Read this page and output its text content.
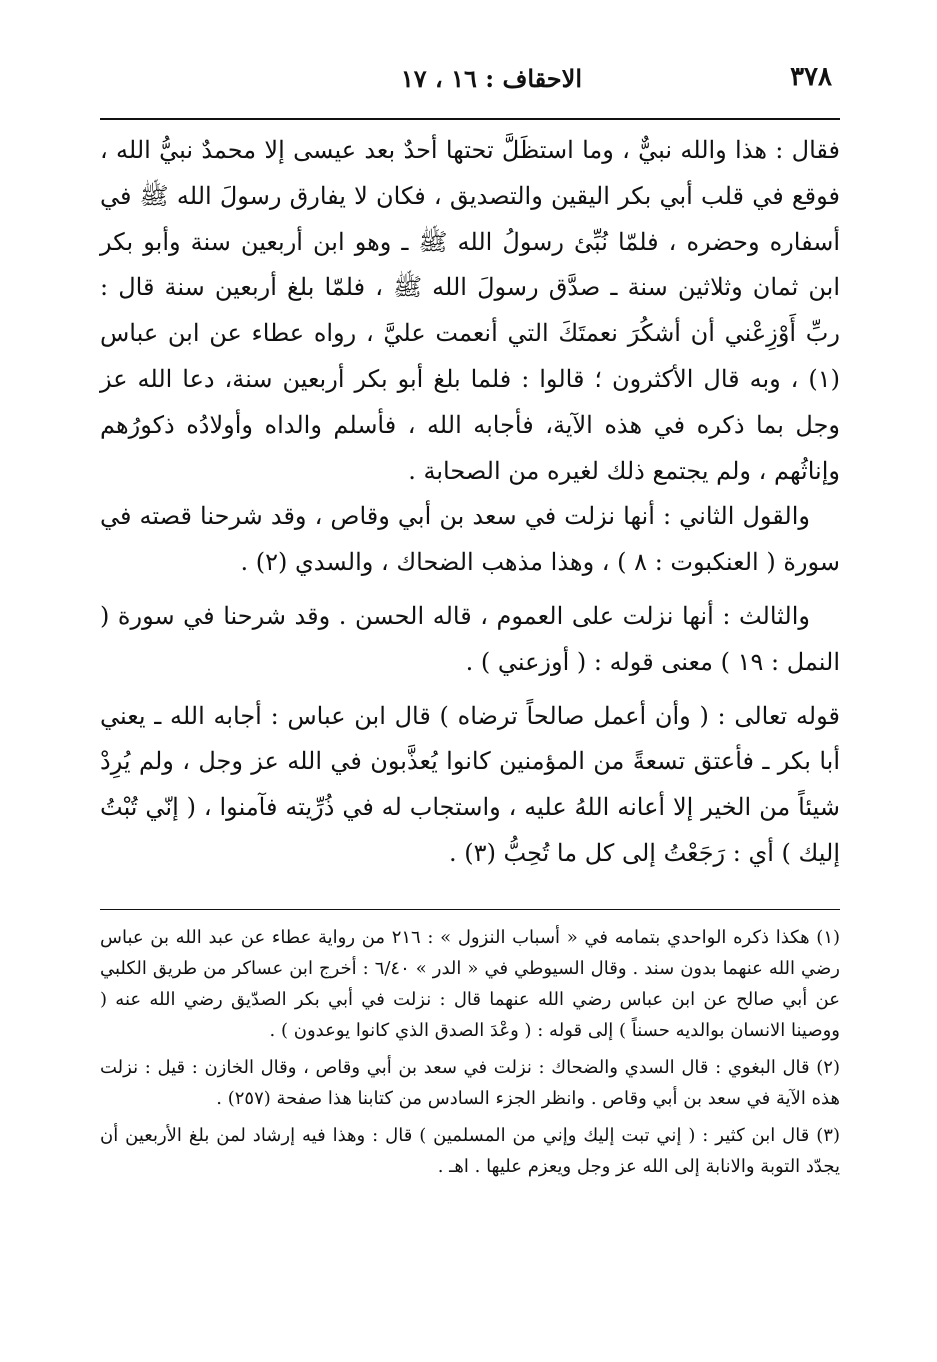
٣٧٨
الاحقاف : ١٦ ، ١٧

فقال : هذا والله نبيٌّ ، وما استظَلَّ تحتها أحدٌ بعد عيسى إلا محمدٌ نبيُّ الله ، فوقع في قلب أبي بكر اليقين والتصديق ، فكان لا يفارق رسولَ الله ﷺ في أسفاره وحضره ، فلمّا نُبِّئ رسولُ الله ﷺ ـ وهو ابن أربعين سنة وأبو بكر ابن ثمان وثلاثين سنة ـ صدَّق رسولَ الله ﷺ ، فلمّا بلغ أربعين سنة قال : ربِّ أَوْزِعْني أن أشكُرَ نعمتَكَ التي أنعمت عليَّ ، رواه عطاء عن ابن عباس (١) ، وبه قال الأكثرون ؛ قالوا : فلما بلغ أبو بكر أربعين سنة، دعا الله عز وجل بما ذكره في هذه الآية، فأجابه الله ، فأسلم والداه وأولادُه ذكورُهم وإناثُهم ، ولم يجتمع ذلك لغيره من الصحابة .

والقول الثاني : أنها نزلت في سعد بن أبي وقاص ، وقد شرحنا قصته في سورة ( العنكبوت : ٨ ) ، وهذا مذهب الضحاك ، والسدي (٢) .

والثالث : أنها نزلت على العموم ، قاله الحسن . وقد شرحنا في سورة ( النمل : ١٩ ) معنى قوله : ( أوزعني ) .

قوله تعالى : ( وأن أعمل صالحاً ترضاه ) قال ابن عباس : أجابه الله ـ يعني أبا بكر ـ فأعتق تسعةً من المؤمنين كانوا يُعذَّبون في الله عز وجل ، ولم يُرِدْ شيئاً من الخير إلا أعانه اللهُ عليه ، واستجاب له في ذُرِّيته فآمنوا ، ( إنّي تُبْتُ إليك ) أي : رَجَعْتُ إلى كل ما تُحِبُّ (٣) .

(١) هكذا ذكره الواحدي بتمامه في « أسباب النزول » : ٢١٦ من رواية عطاء عن عبد الله بن عباس رضي الله عنهما بدون سند . وقال السيوطي في « الدر » ٦/٤٠ : أخرج ابن عساكر من طريق الكلبي عن أبي صالح عن ابن عباس رضي الله عنهما قال : نزلت في أبي بكر الصدّيق رضي الله عنه ( ووصينا الانسان بوالديه حسناً ) إلى قوله : ( وعْدَ الصدق الذي كانوا يوعدون ) .

(٢) قال البغوي : قال السدي والضحاك : نزلت في سعد بن أبي وقاص ، وقال الخازن : قيل : نزلت هذه الآية في سعد بن أبي وقاص . وانظر الجزء السادس من كتابنا هذا صفحة (٢٥٧) .

(٣) قال ابن كثير : ( إني تبت إليك وإني من المسلمين ) قال : وهذا فيه إرشاد لمن بلغ الأربعين أن يجدّد التوبة والانابة إلى الله عز وجل ويعزم عليها . اهـ .
